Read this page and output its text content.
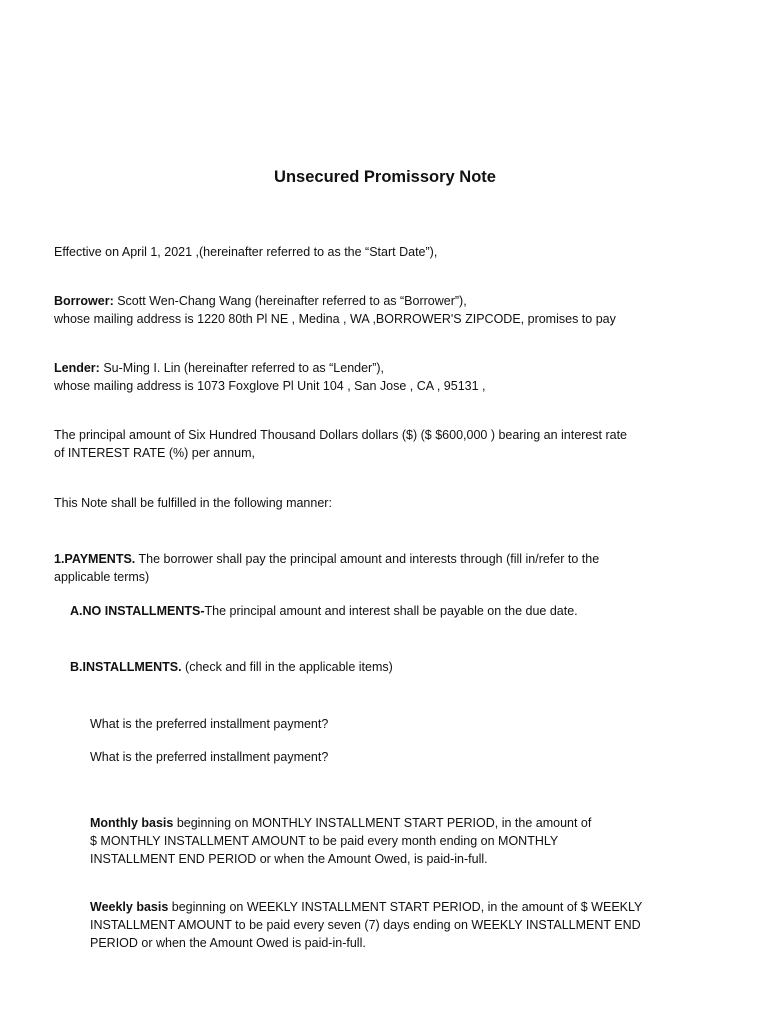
Unsecured Promissory Note
Effective on April 1, 2021 ,(hereinafter referred to as the “Start Date”),
Borrower: Scott Wen-Chang Wang (hereinafter referred to as “Borrower”),
whose mailing address is 1220 80th Pl NE , Medina , WA ,BORROWER'S ZIPCODE, promises to pay
Lender: Su-Ming I. Lin (hereinafter referred to as “Lender”),
whose mailing address is 1073 Foxglove Pl Unit 104 , San Jose , CA , 95131 ,
The principal amount of Six Hundred Thousand Dollars dollars ($) ($ $600,000 ) bearing an interest rate
of INTEREST RATE (%) per annum,
This Note shall be fulfilled in the following manner:
1.PAYMENTS. The borrower shall pay the principal amount and interests through (fill in/refer to the
applicable terms)
A.NO INSTALLMENTS-The principal amount and interest shall be payable on the due date.
B.INSTALLMENTS. (check and fill in the applicable items)
What is the preferred installment payment?
What is the preferred installment payment?
Monthly basis beginning on MONTHLY INSTALLMENT START PERIOD, in the amount of
$ MONTHLY INSTALLMENT AMOUNT to be paid every month ending on MONTHLY
INSTALLMENT END PERIOD or when the Amount Owed, is paid-in-full.
Weekly basis beginning on WEEKLY INSTALLMENT START PERIOD, in the amount of $ WEEKLY
INSTALLMENT AMOUNT to be paid every seven (7) days ending on WEEKLY INSTALLMENT END
PERIOD or when the Amount Owed is paid-in-full.
